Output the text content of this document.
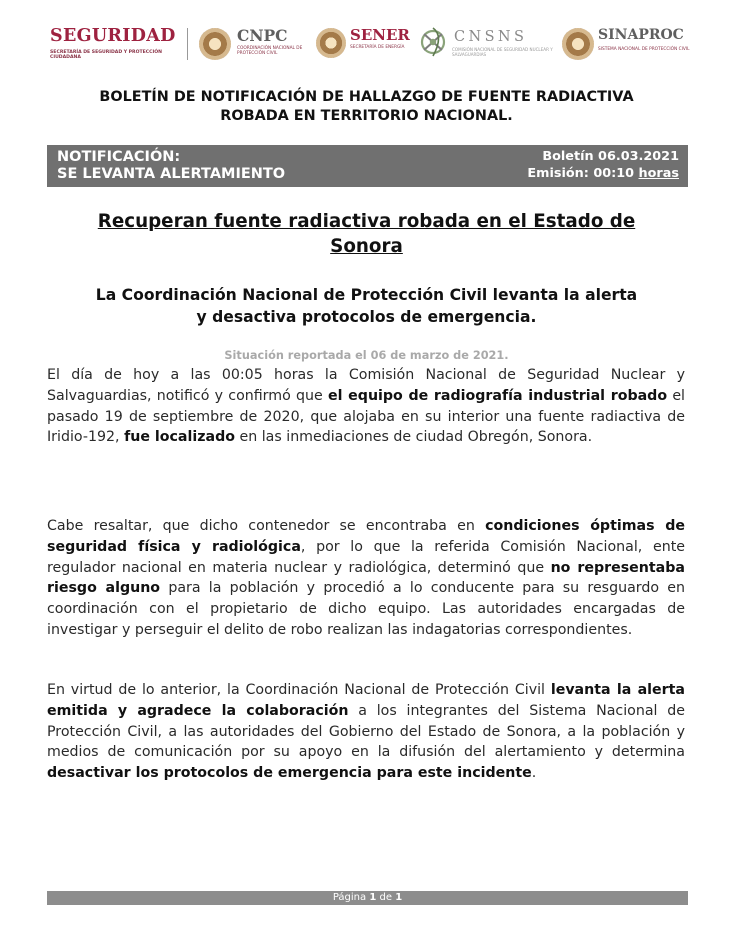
SEGURIDAD
SECRETARÍA DE SEGURIDAD Y PROTECCIÓN CIUDADANA
CNPC
COORDINACIÓN NACIONAL DE PROTECCIÓN CIVIL
SENER
SECRETARÍA DE ENERGÍA
CNSNS
COMISIÓN NACIONAL DE SEGURIDAD NUCLEAR Y SALVAGUARDIAS
SINAPROC
SISTEMA NACIONAL DE PROTECCIÓN CIVIL
BOLETÍN DE NOTIFICACIÓN DE HALLAZGO DE FUENTE RADIACTIVA
ROBADA EN TERRITORIO NACIONAL.
NOTIFICACIÓN:
SE LEVANTA ALERTAMIENTO
Boletín 06.03.2021
Emisión: 00:10 horas
Recuperan fuente radiactiva robada en el Estado de
Sonora
La Coordinación Nacional de Protección Civil levanta la alerta
y desactiva protocolos de emergencia.
Situación reportada el 06 de marzo de 2021.

El día de hoy a las 00:05 horas la Comisión Nacional de Seguridad Nuclear y Salvaguardias, notificó y confirmó que el equipo de radiografía industrial robado el pasado 19 de septiembre de 2020, que alojaba en su interior una fuente radiactiva de Iridio-192, fue localizado en las inmediaciones de ciudad Obregón, Sonora.

Cabe resaltar, que dicho contenedor se encontraba en condiciones óptimas de seguridad física y radiológica, por lo que la referida Comisión Nacional, ente regulador nacional en materia nuclear y radiológica, determinó que no representaba riesgo alguno para la población y procedió a lo conducente para su resguardo en coordinación con el propietario de dicho equipo. Las autoridades encargadas de investigar y perseguir el delito de robo realizan las indagatorias correspondientes.

En virtud de lo anterior, la Coordinación Nacional de Protección Civil levanta la alerta emitida y agradece la colaboración a los integrantes del Sistema Nacional de Protección Civil, a las autoridades del Gobierno del Estado de Sonora, a la población y medios de comunicación por su apoyo en la difusión del alertamiento y determina desactivar los protocolos de emergencia para este incidente.

Página 1 de 1
